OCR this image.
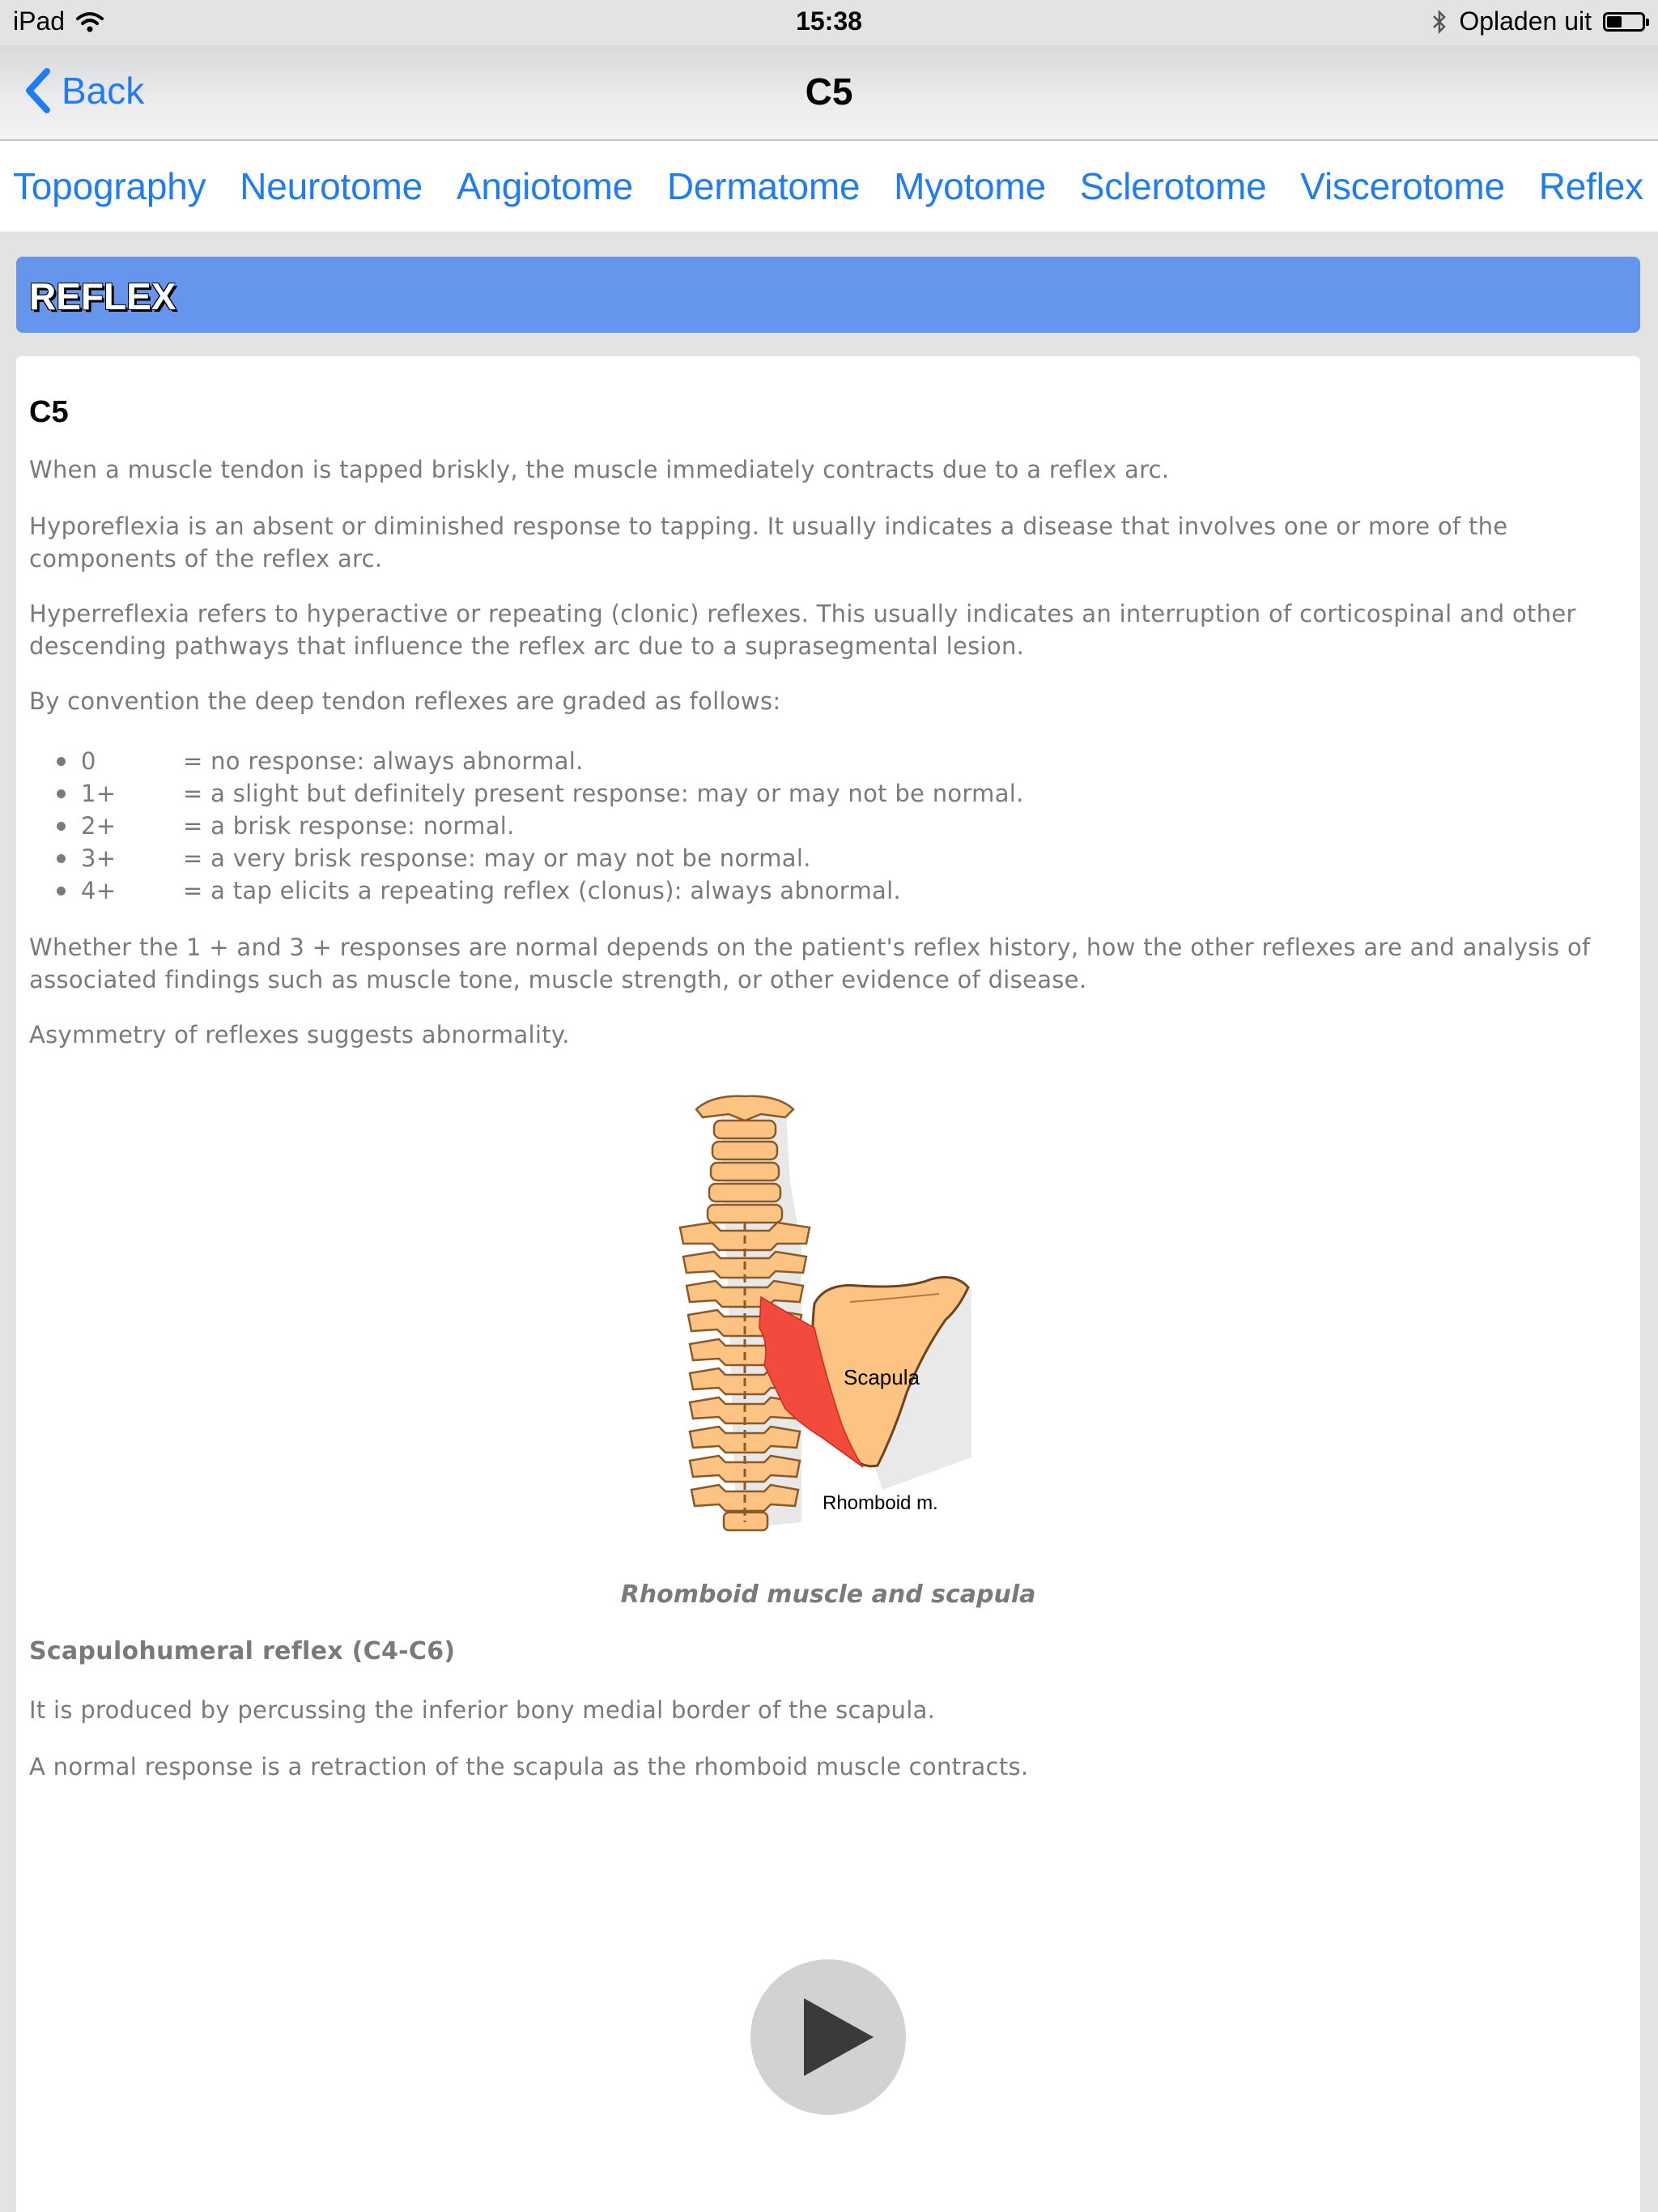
iPad	15:38	Opladen uit
Back	C5
Topography Neurotome Angiotome Dermatome Myotome Sclerotome Viscerotome Reflex
REFLEX
C5
When a muscle tendon is tapped briskly, the muscle immediately contracts due to a reflex arc.
Hyporeflexia is an absent or diminished response to tapping. It usually indicates a disease that involves one or more of the components of the reflex arc.
Hyperreflexia refers to hyperactive or repeating (clonic) reflexes. This usually indicates an interruption of corticospinal and other descending pathways that influence the reflex arc due to a suprasegmental lesion.
By convention the deep tendon reflexes are graded as follows:
0	= no response: always abnormal.
1+	= a slight but definitely present response: may or may not be normal.
2+	= a brisk response: normal.
3+	= a very brisk response: may or may not be normal.
4+	= a tap elicits a repeating reflex (clonus): always abnormal.
Whether the 1 + and 3 + responses are normal depends on the patient's reflex history, how the other reflexes are and analysis of associated findings such as muscle tone, muscle strength, or other evidence of disease.
Asymmetry of reflexes suggests abnormality.
Scapula
Rhomboid m.
Rhomboid muscle and scapula
Scapulohumeral reflex (C4-C6)
It is produced by percussing the inferior bony medial border of the scapula.
A normal response is a retraction of the scapula as the rhomboid muscle contracts.
